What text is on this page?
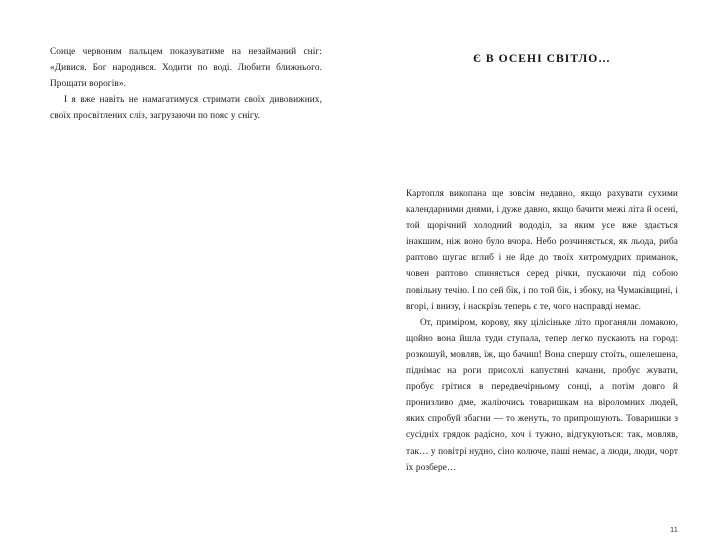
Сонце червоним пальцем показуватиме на незайманий сніг: «Дивися. Бог народився. Ходити по воді. Любити ближнього. Прощати ворогів».

І я вже навіть не намагатимуся стримати своїх дивовижних, своїх просвітлених сліз, загрузаючи по пояс у снігу.

Є В ОСЕНІ СВІТЛО…

Картопля викопана ще зовсім недавно, якщо рахувати сухими календарними днями, і дуже давно, якщо бачити межі літа й осені, той щорічний холодний вододіл, за яким усе вже здається інакшим, ніж воно було вчора. Небо розчиняється, як льода, риба раптово шугає вглиб і не йде до твоїх хитромудрих приманок, човен раптово спиняється серед річки, пускаючи під собою повільну течію. І по сей бік, і по той бік, і збоку, на Чумаківщині, і вгорі, і внизу, і наскрізь теперь є те, чого насправді немає.

От, приміром, корову, яку цілісіньке літо проганяли ломакою, щойно вона йшла туди ступала, тепер легко пускають на город: розкошуй, мовляв, їж, що бачиш! Вона спершу стоїть, ошелешена, піднімає на роги присохлі капустяні качани, пробує жувати, пробує грітися в передвечірньому сонці, а потім довго й пронизливо дме, жаліючись товаришкам на віроломних людей, яких спробуй збагни — то женуть, то припрошують. Товаришки з сусідніх грядок радісно, хоч і тужно, відгукуються: так, мовляв, так… у повітрі нудно, сіно колюче, паші немає, а люди, люди, чорт їх розбере…

11
